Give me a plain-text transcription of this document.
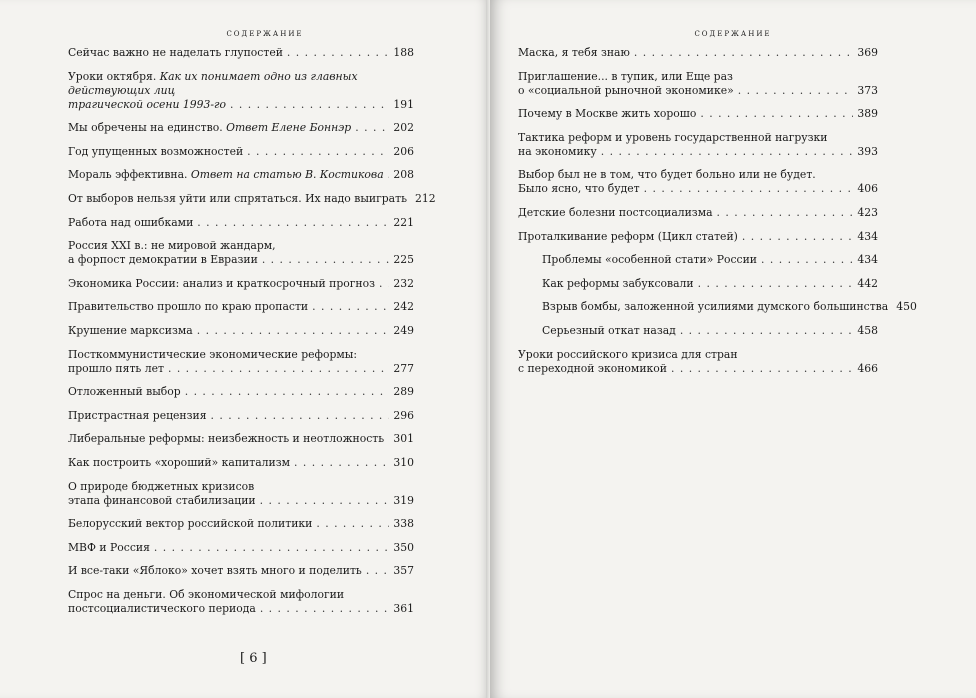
содержание
Сейчас важно не наделать глупостей . . .	188
Уроки октября. Как их понимает одно из главных действующих лиц
трагической осени 1993-го . . .	191
Мы обречены на единство. Ответ Елене Боннэр . . .	202
Год упущенных возможностей . . .	206
Мораль эффективна. Ответ на статью В. Костикова . . . 208
От выборов нельзя уйти или спрятаться. Их надо выиграть 212
Работа над ошибками . . .	221
Россия XXI в.: не мировой жандарм,
а форпост демократии в Евразии . . .	225
Экономика России: анализ и краткосрочный прогноз . . . 232
Правительство прошло по краю пропасти . . .	242
Крушение марксизма . . .	249
Посткоммунистические экономические реформы:
прошло пять лет . . .	277
Отложенный выбор . . .	289
Пристрастная рецензия . . .	296
Либеральные реформы: неизбежность и неотложность . . . 301
Как построить «хороший» капитализм . . .	310
О природе бюджетных кризисов
этапа финансовой стабилизации . . .	319
Белорусский вектор российской политики . . .	338
МВФ и Россия . . .	350
И все-таки «Яблоко» хочет взять много и поделить . . .	357
Спрос на деньги. Об экономической мифологии
постсоциалистического периода . . .	361
[ 6 ]
содержание
Маска, я тебя знаю . . .	369
Приглашение... в тупик, или Еще раз
о «социальной рыночной экономике» . . .	373
Почему в Москве жить хорошо . . .	389
Тактика реформ и уровень государственной нагрузки
на экономику . . .	393
Выбор был не в том, что будет больно или не будет.
Было ясно, что будет . . .	406
Детские болезни постсоциализма . . .	423
Проталкивание реформ (Цикл статей) . . .	434
Проблемы «особенной стати» России . . .	434
Как реформы забуксовали . . .	442
Взрыв бомбы, заложенной усилиями думского большинства 450
Серьезный откат назад . . .	458
Уроки российского кризиса для стран
с переходной экономикой . . .	466
